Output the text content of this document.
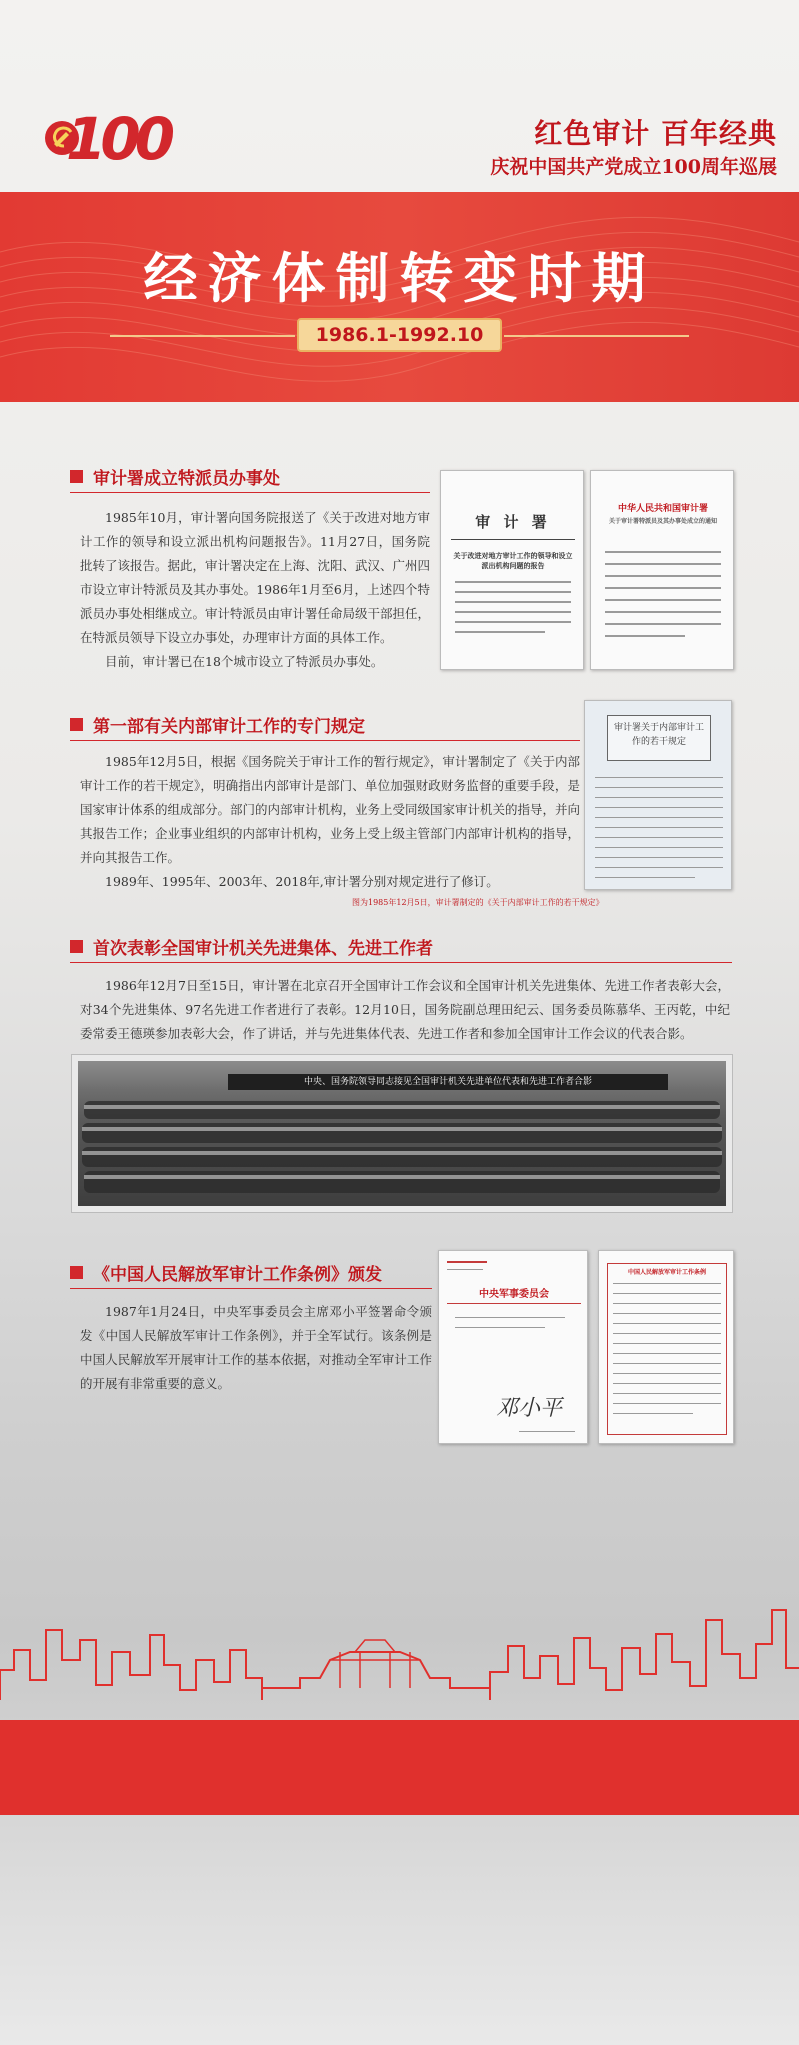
100	红色审计 百年经典
庆祝中国共产党成立100周年巡展
经济体制转变时期
1986.1-1992.10
审计署成立特派员办事处

1985年10月，审计署向国务院报送了《关于改进对地方审计工作的领导和设立派出机构问题报告》。11月27日，国务院批转了该报告。据此，审计署决定在上海、沈阳、武汉、广州四市设立审计特派员及其办事处。1986年1月至6月，上述四个特派员办事处相继成立。审计特派员由审计署任命局级干部担任，在特派员领导下设立办事处，办理审计方面的具体工作。

目前，审计署已在18个城市设立了特派员办事处。

审 计 署
关于改进对地方审计工作的领导和设立派出机构问题的报告
中华人民共和国审计署
关于审计署特派员及其办事处成立的通知
第一部有关内部审计工作的专门规定

1985年12月5日，根据《国务院关于审计工作的暂行规定》，审计署制定了《关于内部审计工作的若干规定》，明确指出内部审计是部门、单位加强财政财务监督的重要手段，是国家审计体系的组成部分。部门的内部审计机构，业务上受同级国家审计机关的指导，并向其报告工作；企业事业组织的内部审计机构，业务上受上级主管部门内部审计机构的指导，并向其报告工作。

1989年、1995年、2003年、2018年,审计署分别对规定进行了修订。

审计署关于内部审计工作的若干规定
图为1985年12月5日，审计署制定的《关于内部审计工作的若干规定》
首次表彰全国审计机关先进集体、先进工作者

1986年12月7日至15日，审计署在北京召开全国审计工作会议和全国审计机关先进集体、先进工作者表彰大会，对34个先进集体、97名先进工作者进行了表彰。12月10日，国务院副总理田纪云、国务委员陈慕华、王丙乾，中纪委常委王德瑛参加表彰大会，作了讲话，并与先进集体代表、先进工作者和参加全国审计工作会议的代表合影。

中央、国务院领导同志接见全国审计机关先进单位代表和先进工作者合影
《中国人民解放军审计工作条例》颁发

1987年1月24日，中央军事委员会主席邓小平签署命令颁发《中国人民解放军审计工作条例》，并于全军试行。该条例是中国人民解放军开展审计工作的基本依据，对推动全军审计工作的开展有非常重要的意义。

中央军事委员会
邓小平
中国人民解放军审计工作条例
